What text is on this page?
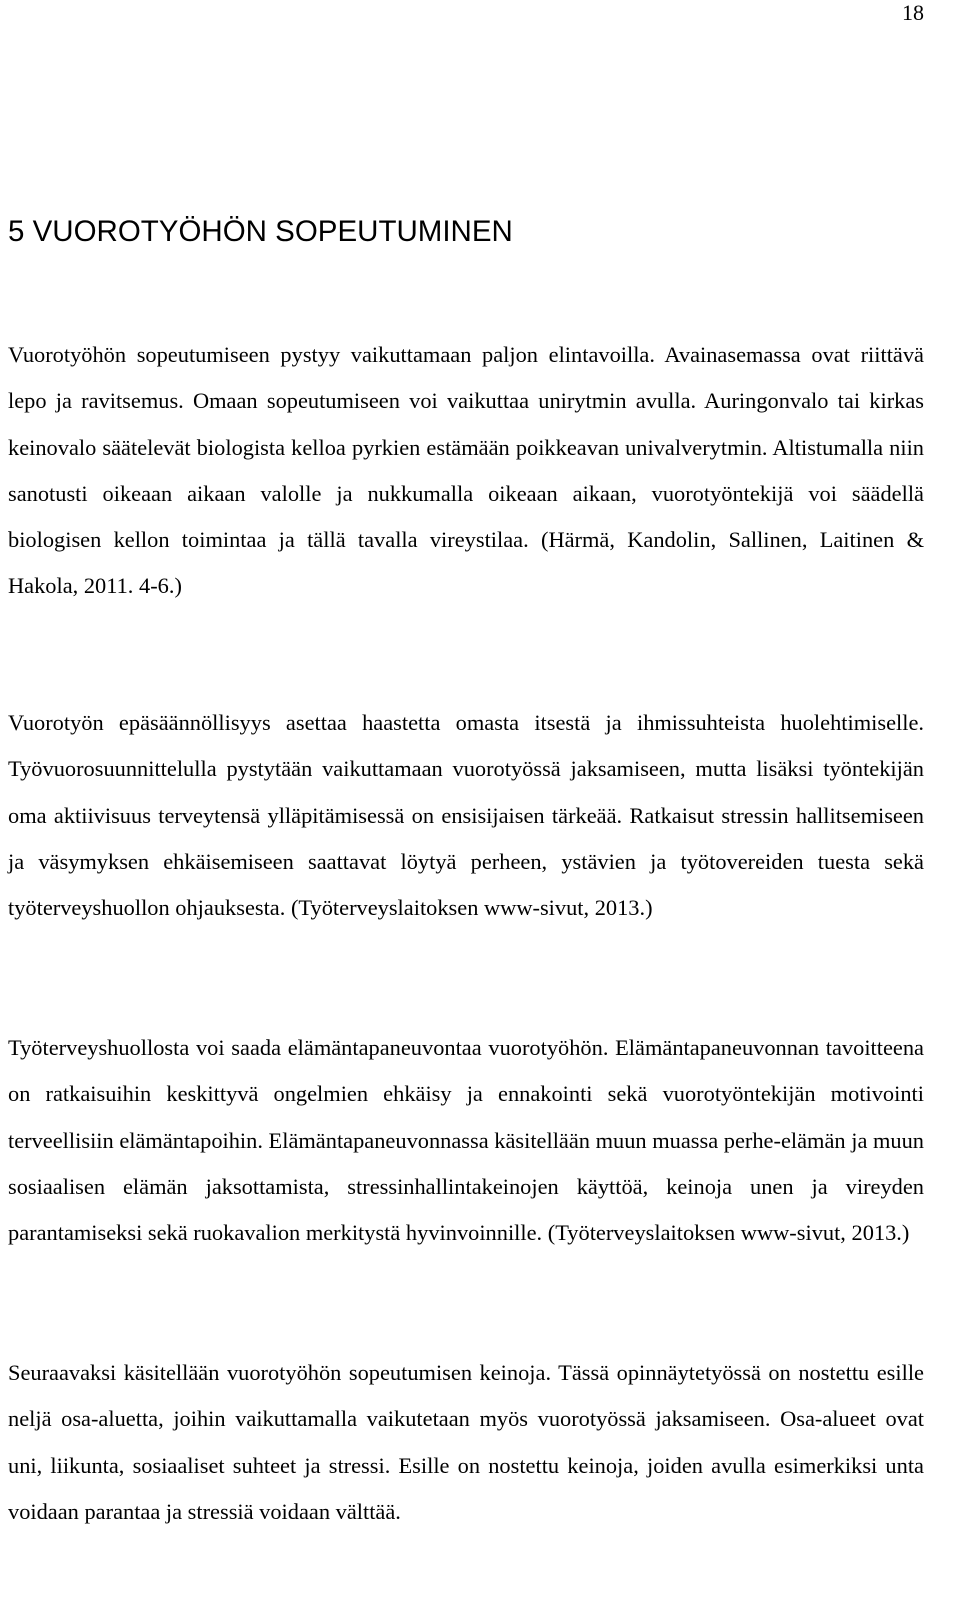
18
5 VUOROTYÖHÖN SOPEUTUMINEN

Vuorotyöhön sopeutumiseen pystyy vaikuttamaan paljon elintavoilla. Avainasemassa ovat riittävä lepo ja ravitsemus. Omaan sopeutumiseen voi vaikuttaa unirytmin avulla. Auringonvalo tai kirkas keinovalo säätelevät biologista kelloa pyrkien estämään poikkeavan univalverytmin. Altistumalla niin sanotusti oikeaan aikaan valolle ja nukkumalla oikeaan aikaan, vuorotyöntekijä voi säädellä biologisen kellon toimintaa ja tällä tavalla vireystilaa. (Härmä, Kandolin, Sallinen, Laitinen & Hakola, 2011. 4-6.)

Vuorotyön epäsäännöllisyys asettaa haastetta omasta itsestä ja ihmissuhteista huolehtimiselle. Työvuorosuunnittelulla pystytään vaikuttamaan vuorotyössä jaksamiseen, mutta lisäksi työntekijän oma aktiivisuus terveytensä ylläpitämisessä on ensisijaisen tärkeää. Ratkaisut stressin hallitsemiseen ja väsymyksen ehkäisemiseen saattavat löytyä perheen, ystävien ja työtovereiden tuesta sekä työterveyshuollon ohjauksesta. (Työterveyslaitoksen www-sivut, 2013.)

Työterveyshuollosta voi saada elämäntapaneuvontaa vuorotyöhön. Elämäntapaneuvonnan tavoitteena on ratkaisuihin keskittyvä ongelmien ehkäisy ja ennakointi sekä vuorotyöntekijän motivointi terveellisiin elämäntapoihin. Elämäntapaneuvonnassa käsitellään muun muassa perhe-elämän ja muun sosiaalisen elämän jaksottamista, stressinhallintakeinojen käyttöä, keinoja unen ja vireyden parantamiseksi sekä ruokavalion merkitystä hyvinvoinnille. (Työterveyslaitoksen www-sivut, 2013.)

Seuraavaksi käsitellään vuorotyöhön sopeutumisen keinoja. Tässä opinnäytetyössä on nostettu esille neljä osa-aluetta, joihin vaikuttamalla vaikutetaan myös vuorotyössä jaksamiseen. Osa-alueet ovat uni, liikunta, sosiaaliset suhteet ja stressi. Esille on nostettu keinoja, joiden avulla esimerkiksi unta voidaan parantaa ja stressiä voidaan välttää.
